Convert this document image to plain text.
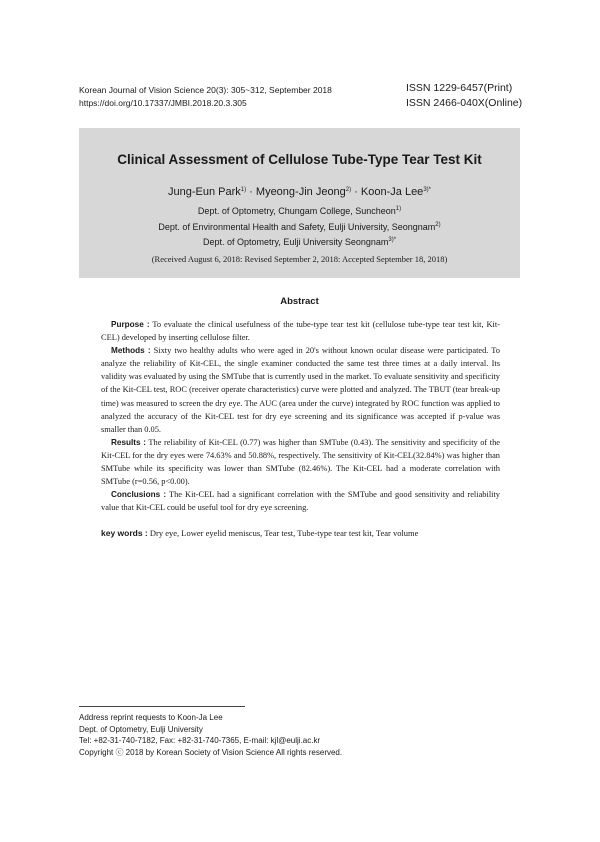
Korean Journal of Vision Science 20(3): 305~312, September 2018
https://doi.org/10.17337/JMBI.2018.20.3.305
ISSN 1229-6457(Print)
ISSN 2466-040X(Online)
Clinical Assessment of Cellulose Tube-Type Tear Test Kit
Jung-Eun Park$^{1)}$ · Myeong-Jin Jeong$^{2)}$ · Koon-Ja Lee$^{3)*}$
Dept. of Optometry, Chungam College, Suncheon$^{1)}$
Dept. of Environmental Health and Safety, Eulji University, Seongnam$^{2)}$
Dept. of Optometry, Eulji University Seongnam$^{3)*}$
(Received August 6, 2018: Revised September 2, 2018: Accepted September 18, 2018)
Abstract

Purpose : To evaluate the clinical usefulness of the tube-type tear test kit (cellulose tube-type tear test kit, Kit-CEL) developed by inserting cellulose filter.

Methods : Sixty two healthy adults who were aged in 20's without known ocular disease were participated. To analyze the reliability of Kit-CEL, the single examiner conducted the same test three times at a daily interval. Its validity was evaluated by using the SMTube that is currently used in the market. To evaluate sensitivity and specificity of the Kit-CEL test, ROC (receiver operate characteristics) curve were plotted and analyzed. The TBUT (tear break-up time) was measured to screen the dry eye. The AUC (area under the curve) integrated by ROC function was applied to analyzed the accuracy of the Kit-CEL test for dry eye screening and its significance was accepted if p-value was smaller than 0.05.

Results : The reliability of Kit-CEL (0.77) was higher than SMTube (0.43). The sensitivity and specificity of the Kit-CEL for the dry eyes were 74.63% and 50.88%, respectively. The sensitivity of Kit-CEL(32.84%) was higher than SMTube while its specificity was lower than SMTube (82.46%). The Kit-CEL had a moderate correlation with SMTube (r=0.56, p<0.00).

Conclusions : The Kit-CEL had a significant correlation with the SMTube and good sensitivity and reliability value that Kit-CEL could be useful tool for dry eye screening.

key words : Dry eye, Lower eyelid meniscus, Tear test, Tube-type tear test kit, Tear volume
Address reprint requests to Koon-Ja Lee
Dept. of Optometry, Eulji University
Tel: +82-31-740-7182, Fax: +82-31-740-7365, E-mail: kjl@eulji.ac.kr
Copyright ⓒ 2018 by Korean Society of Vision Science All rights reserved.
